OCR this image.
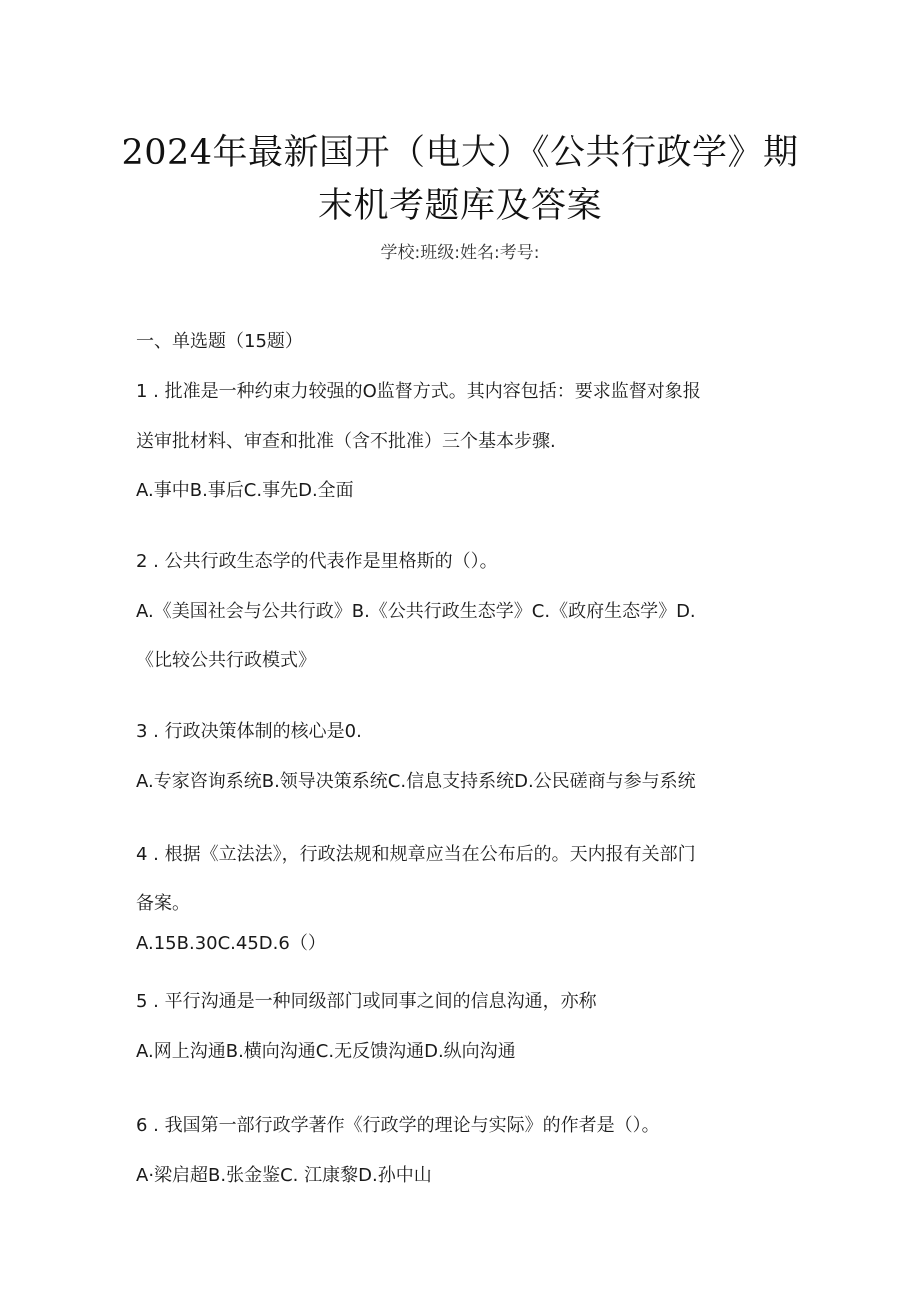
2024年最新国开（电大）《公共行政学》期
末机考题库及答案
学校:班级:姓名:考号:
一、单选题（15题）
1 . 批准是一种约束力较强的O监督方式。其内容包括：要求监督对象报
送审批材料、审查和批准（含不批准）三个基本步骤.
A.事中B.事后C.事先D.全面
2 . 公共行政生态学的代表作是里格斯的（）。
A.《美国社会与公共行政》B.《公共行政生态学》C.《政府生态学》D.
《比较公共行政模式》
3 . 行政决策体制的核心是0.
A.专家咨询系统B.领导决策系统C.信息支持系统D.公民磋商与参与系统
4 . 根据《立法法》，行政法规和规章应当在公布后的。天内报有关部门
备案。
A.15B.30C.45D.6（）
5 . 平行沟通是一种同级部门或同事之间的信息沟通，亦称
A.网上沟通B.横向沟通C.无反馈沟通D.纵向沟通
6 . 我国第一部行政学著作《行政学的理论与实际》的作者是（）。
A·梁启超B.张金鉴C. 江康黎D.孙中山
